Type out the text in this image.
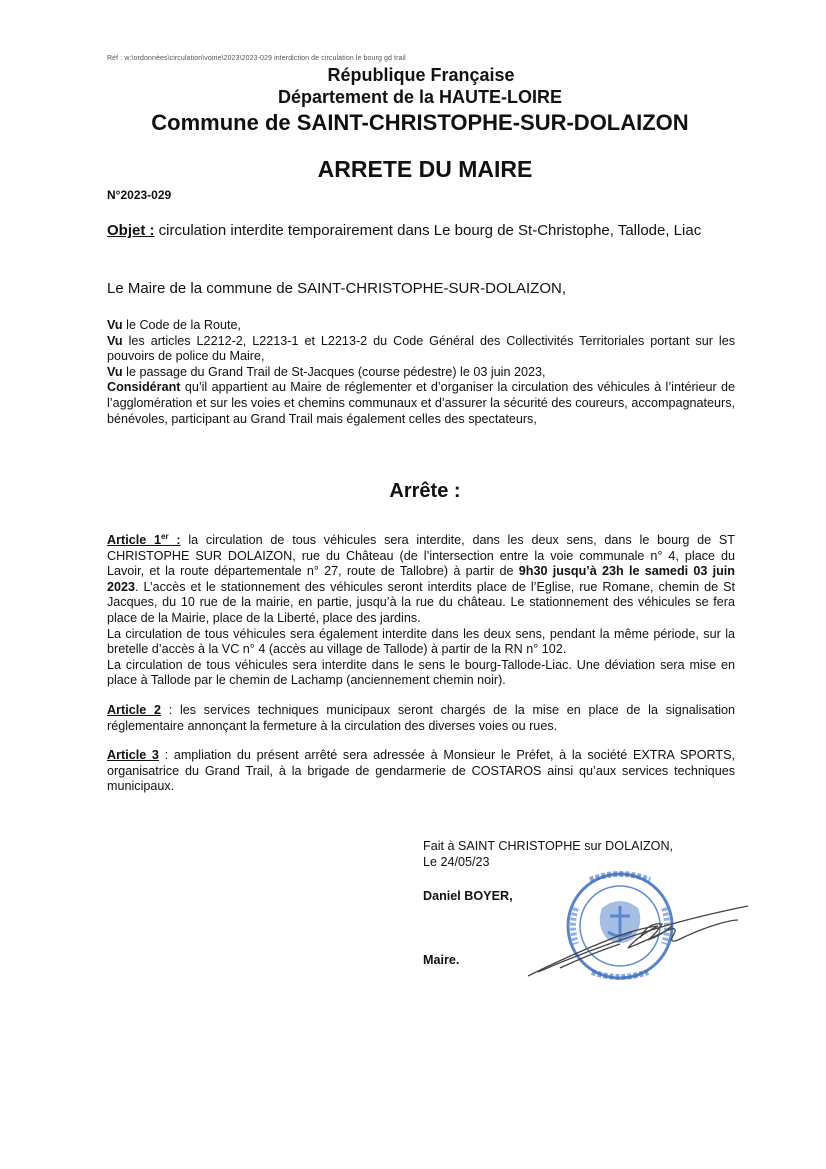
Réf : w:\ordonnées\circulation\voirie\2023\2023-029 interdiction de circulation le bourg gd trail
République Française
Département de la HAUTE-LOIRE
Commune de SAINT-CHRISTOPHE-SUR-DOLAIZON
ARRETE DU MAIRE
N°2023-029
Objet : circulation interdite temporairement dans Le bourg de St-Christophe, Tallode, Liac
Le Maire de la commune de SAINT-CHRISTOPHE-SUR-DOLAIZON,

Vu le Code de la Route,

Vu les articles L2212-2, L2213-1 et L2213-2 du Code Général des Collectivités Territoriales portant sur les pouvoirs de police du Maire,

Vu le passage du Grand Trail de St-Jacques (course pédestre) le 03 juin 2023,

Considérant qu’il appartient au Maire de réglementer et d’organiser la circulation des véhicules à l’intérieur de l’agglomération et sur les voies et chemins communaux et d’assurer la sécurité des coureurs, accompagnateurs, bénévoles, participant au Grand Trail mais également celles des spectateurs,

Arrête :

Article 1er : la circulation de tous véhicules sera interdite, dans les deux sens, dans le bourg de ST CHRISTOPHE SUR DOLAIZON, rue du Château (de l’intersection entre la voie communale n° 4, place du Lavoir, et la route départementale n° 27, route de Tallobre) à partir de 9h30 jusqu’à 23h le samedi 03 juin 2023. L’accès et le stationnement des véhicules seront interdits place de l’Eglise, rue Romane, chemin de St Jacques, du 10 rue de la mairie, en partie, jusqu’à la rue du château. Le stationnement des véhicules se fera place de la Mairie, place de la Liberté, place des jardins.

La circulation de tous véhicules sera également interdite dans les deux sens, pendant la même période, sur la bretelle d’accès à la VC n° 4 (accès au village de Tallode) à partir de la RN n° 102.

La circulation de tous véhicules sera interdite dans le sens le bourg-Tallode-Liac. Une déviation sera mise en place à Tallode par le chemin de Lachamp (anciennement chemin noir).

Article 2 : les services techniques municipaux seront chargés de la mise en place de la signalisation réglementaire annonçant la fermeture à la circulation des diverses voies ou rues.

Article 3 : ampliation du présent arrêté sera adressée à Monsieur le Préfet, à la société EXTRA SPORTS, organisatrice du Grand Trail, à la brigade de gendarmerie de COSTAROS ainsi qu’aux services techniques municipaux.

Fait à SAINT CHRISTOPHE sur DOLAIZON,
Le 24/05/23
Daniel BOYER,
Maire.
